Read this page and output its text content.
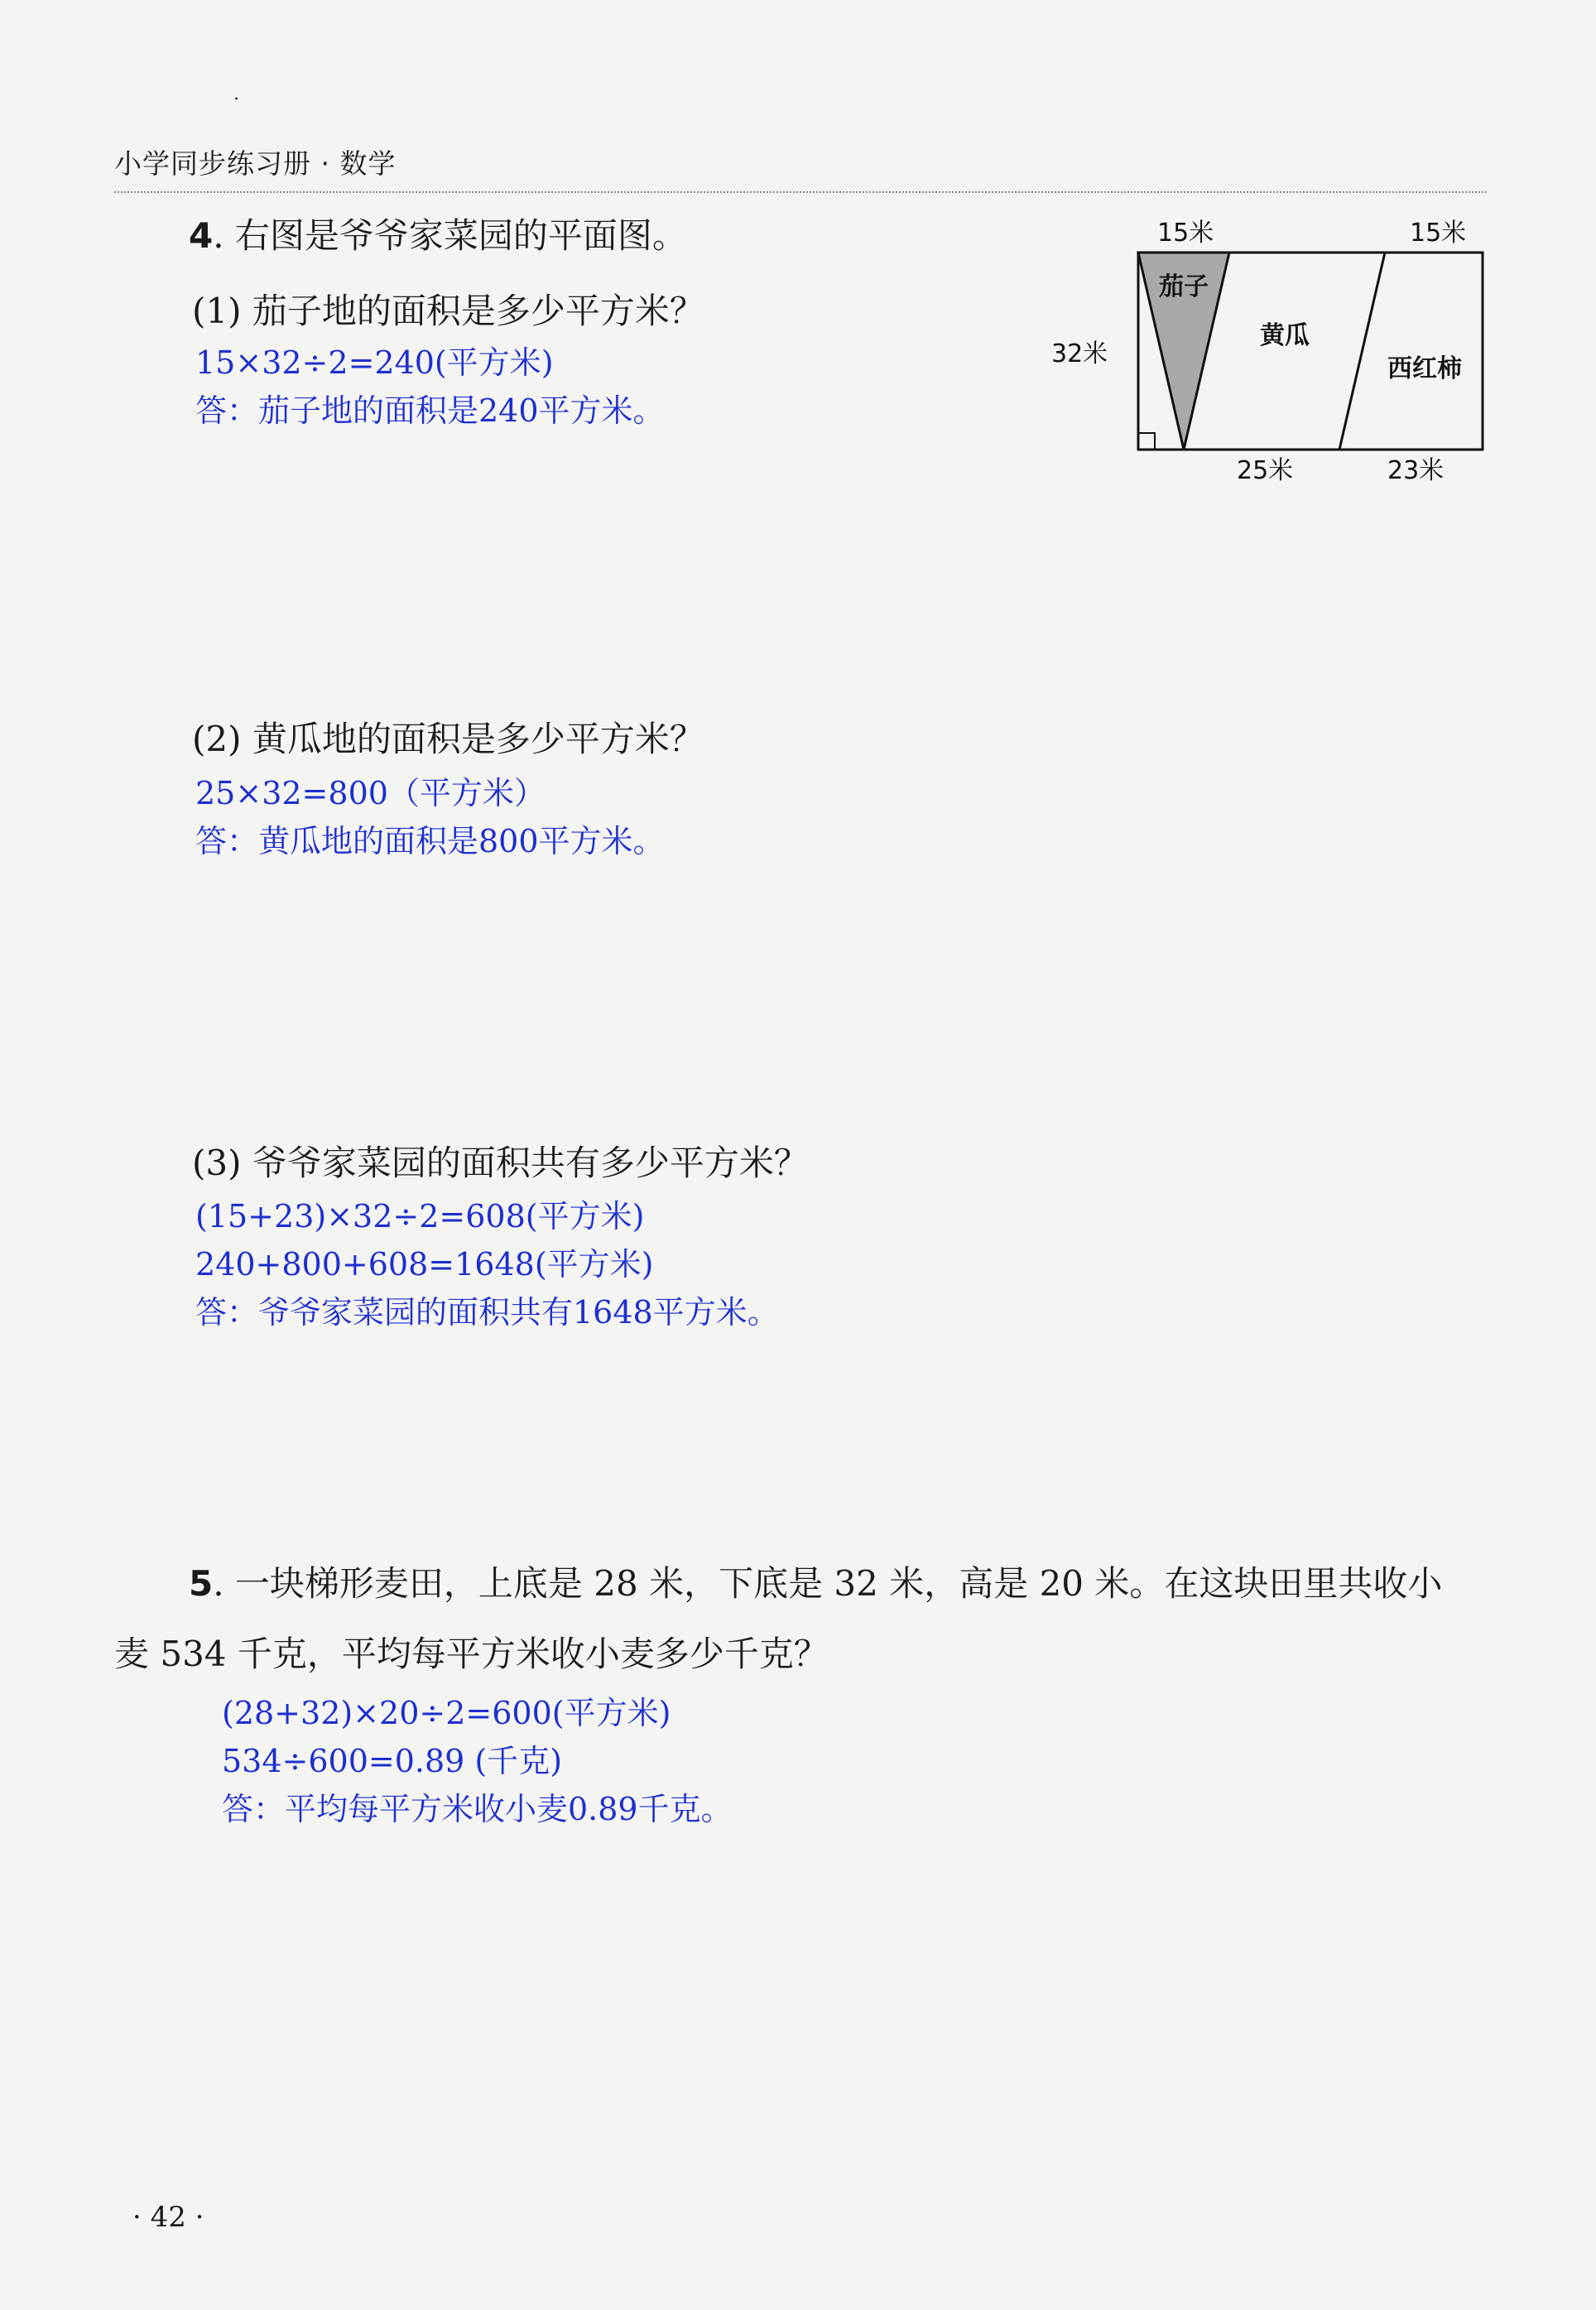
·
小学同步练习册 · 数学
4. 右图是爷爷家菜园的平面图。	15米	15米
32米
25米	23米
茄子
黄瓜
西红柿
(1) 茄子地的面积是多少平方米？
15×32÷2=240(平方米)
答：茄子地的面积是240平方米。
(2) 黄瓜地的面积是多少平方米？
25×32=800（平方米）
答：黄瓜地的面积是800平方米。
(3) 爷爷家菜园的面积共有多少平方米？
(15+23)×32÷2=608(平方米)
240+800+608=1648(平方米)
答：爷爷家菜园的面积共有1648平方米。
5. 一块梯形麦田，上底是 28 米，下底是 32 米，高是 20 米。在这块田里共收小
麦 534 千克，平均每平方米收小麦多少千克？
(28+32)×20÷2=600(平方米)
534÷600=0.89 (千克)
答：平均每平方米收小麦0.89千克。
· 42 ·
